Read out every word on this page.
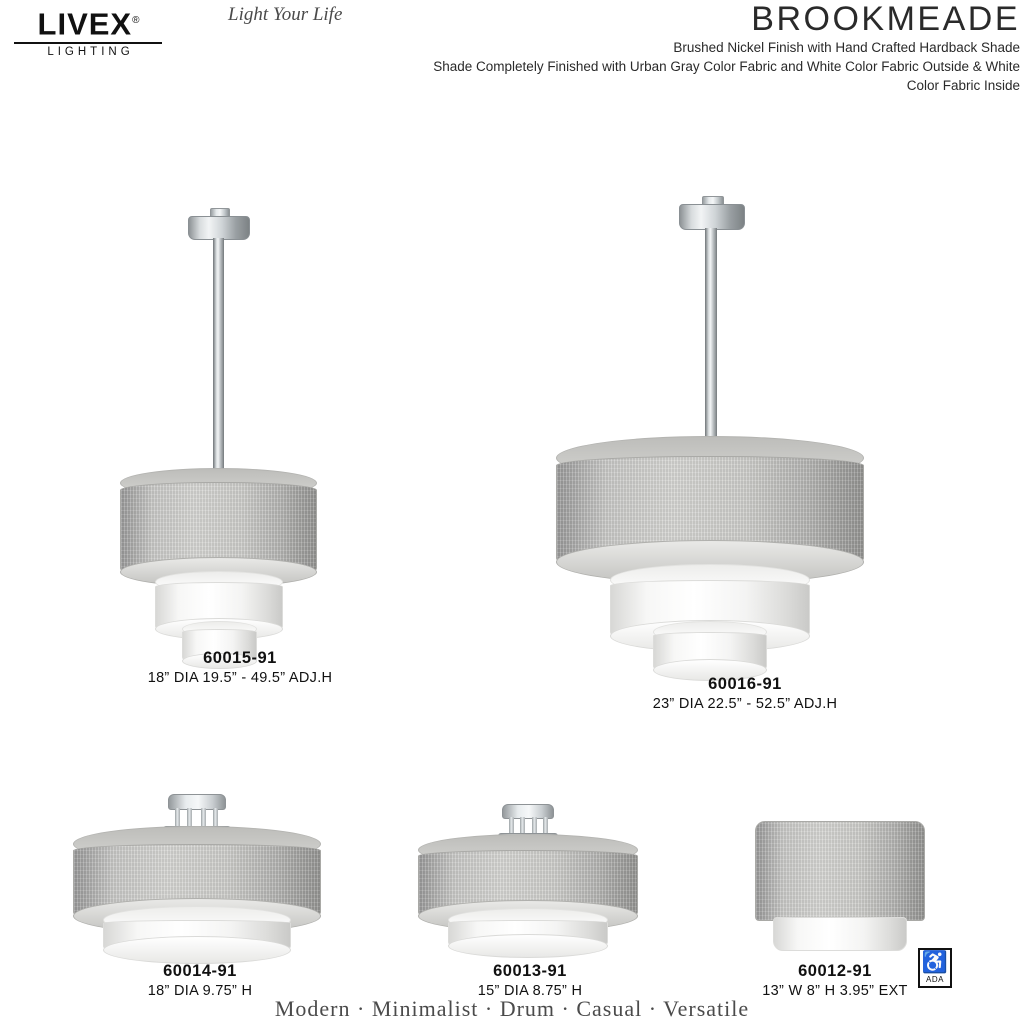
LIVEX®
LIGHTING
Light Your Life	BROOKMEADE
Brushed Nickel Finish with Hand Crafted Hardback Shade
Shade Completely Finished with Urban Gray Color Fabric and White Color Fabric Outside & White Color Fabric Inside
60015-91
18” DIA 19.5” - 49.5” ADJ.H	60016-91
23” DIA 22.5” - 52.5” ADJ.H
60014-91
18” DIA 9.75” H
60013-91
15” DIA 8.75” H
60012-91
13” W 8” H 3.95” EXT
♿
ADA
Modern · Minimalist · Drum · Casual · Versatile
